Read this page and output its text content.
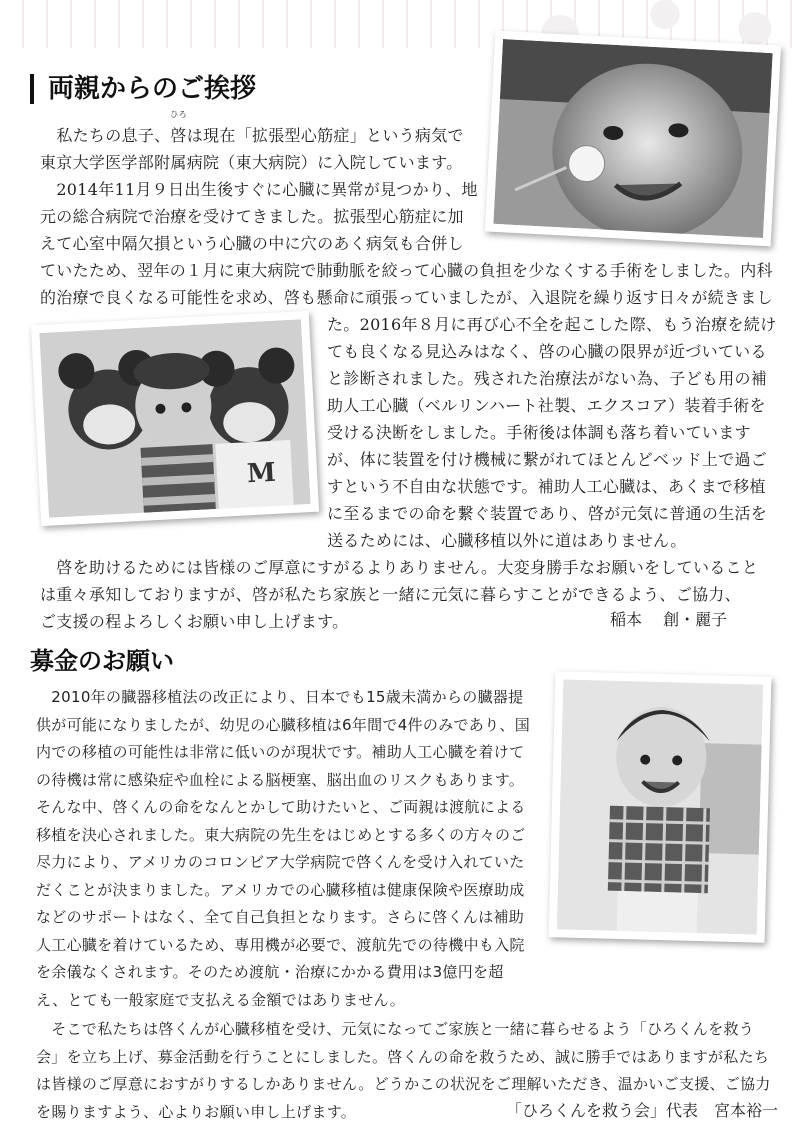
両親からのご挨拶
　私たちの息子、啓
ひろ
は現在「拡張型心筋症」という病気で
東京大学医学部附属病院（東大病院）に入院しています。
　2014年11月９日出生後すぐに心臓に異常が見つかり、地
元の総合病院で治療を受けてきました。拡張型心筋症に加
えて心室中隔欠損という心臓の中に穴のあく病気も合併し
ていたため、翌年の１月に東大病院で肺動脈を絞って心臓の負担を少なくする手術をしました。内科
的治療で良くなる可能性を求め、啓も懸命に頑張っていましたが、入退院を繰り返す日々が続きまし
た。2016年８月に再び心不全を起こした際、もう治療を続け
ても良くなる見込みはなく、啓の心臓の限界が近づいている
と診断されました。残された治療法がない為、子ども用の補
助人工心臓（ベルリンハート社製、エクスコア）装着手術を
受ける決断をしました。手術後は体調も落ち着いています
が、体に装置を付け機械に繋がれてほとんどベッド上で過ご
すという不自由な状態です。補助人工心臓は、あくまで移植
に至るまでの命を繋ぐ装置であり、啓が元気に普通の生活を
送るためには、心臓移植以外に道はありません。
　啓を助けるためには皆様のご厚意にすがるよりありません。大変身勝手なお願いをしていること
は重々承知しておりますが、啓が私たち家族と一緒に元気に暮らすことができるよう、ご協力、
ご支援の程よろしくお願い申し上げます。	稲本　 創・麗子

M
募金のお願い
　2010年の臓器移植法の改正により、日本でも15歳未満からの臓器提
供が可能になりましたが、幼児の心臓移植は6年間で4件のみであり、国
内での移植の可能性は非常に低いのが現状です。補助人工心臓を着けて
の待機は常に感染症や血栓による脳梗塞、脳出血のリスクもあります。
そんな中、啓くんの命をなんとかして助けたいと、ご両親は渡航による
移植を決心されました。東大病院の先生をはじめとする多くの方々のご
尽力により、アメリカのコロンビア大学病院で啓くんを受け入れていた
だくことが決まりました。アメリカでの心臓移植は健康保険や医療助成
などのサポートはなく、全て自己負担となります。さらに啓くんは補助
人工心臓を着けているため、専用機が必要で、渡航先での待機中も入院
を余儀なくされます。そのため渡航・治療にかかる費用は3億円を超
え、とても一般家庭で支払える金額ではありません。
　そこで私たちは啓くんが心臓移植を受け、元気になってご家族と一緒に暮らせるよう「ひろくんを救う
会」を立ち上げ、募金活動を行うことにしました。啓くんの命を救うため、誠に勝手ではありますが私たち
は皆様のご厚意におすがりするしかありません。どうかこの状況をご理解いただき、温かいご支援、ご協力
を賜りますよう、心よりお願い申し上げます。	「ひろくんを救う会」代表　宮本裕一
